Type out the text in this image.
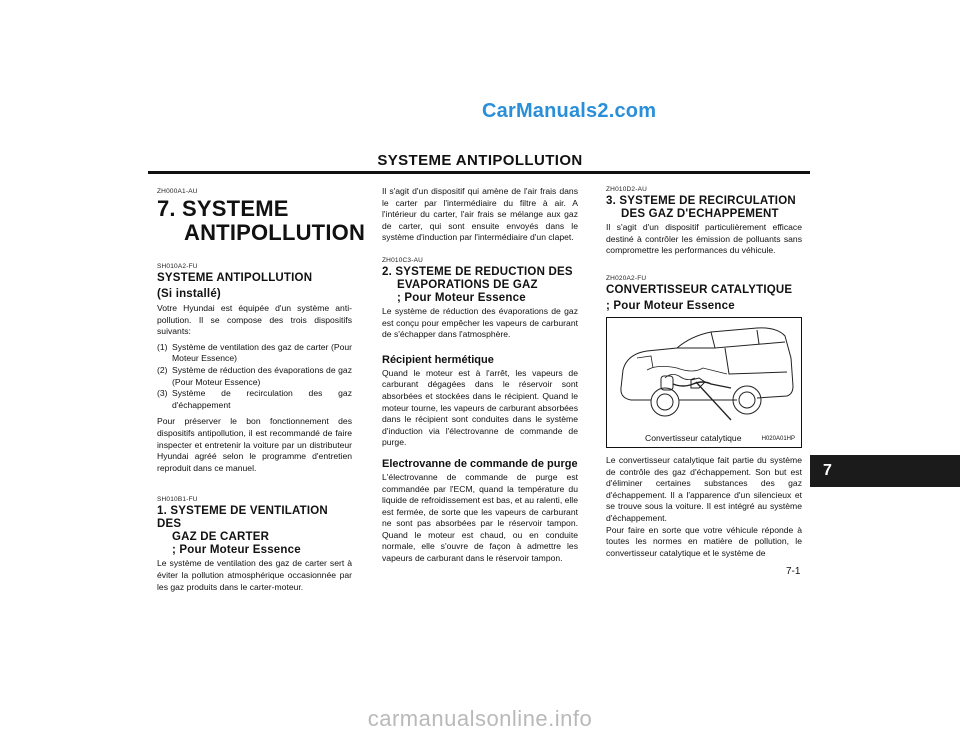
CarManuals2.com
SYSTEME ANTIPOLLUTION
ZH000A1-AU
7. SYSTEME
ANTIPOLLUTION
SH010A2-FU
SYSTEME ANTIPOLLUTION
(Si installé)
Votre Hyundai est équipée d'un système anti-pollution. Il se compose des trois dispositifs suivants:
(1) Système de ventilation des gaz de carter (Pour Moteur Essence)
(2) Système de réduction des évaporations de gaz (Pour Moteur Essence)
(3) Système de recirculation des gaz d'échappement
Pour préserver le bon fonctionnement des dispositifs antipollution, il est recommandé de faire inspecter et entretenir la voiture par un distributeur Hyundai agréé selon le programme d'entretien reproduit dans ce manuel.
SH010B1-FU
1. SYSTEME DE VENTILATION DES
GAZ DE CARTER
; Pour Moteur Essence
Le système de ventilation des gaz de carter sert à éviter la pollution atmosphérique occasionnée par les gaz produits dans le carter-moteur.
Il s'agit d'un dispositif qui amène de l'air frais dans le carter par l'intermédiaire du filtre à air. A l'intérieur du carter, l'air frais se mélange aux gaz de carter, qui sont ensuite envoyés dans le système d'induction par l'intermédiaire d'un clapet.
ZH010C3-AU
2. SYSTEME DE REDUCTION DES
EVAPORATIONS DE GAZ
; Pour Moteur Essence
Le système de réduction des évaporations de gaz est conçu pour empêcher les vapeurs de carburant de s'échapper dans l'atmosphère.
Récipient hermétique
Quand le moteur est à l'arrêt, les vapeurs de carburant dégagées dans le réservoir sont absorbées et stockées dans le récipient. Quand le moteur tourne, les vapeurs de carburant absorbées dans le récipient sont conduites dans le système d'induction via l'électrovanne de commande de purge.
Electrovanne de commande de purge
L'électrovanne de commande de purge est commandée par l'ECM, quand la température du liquide de refroidissement est bas, et au ralenti, elle est fermée, de sorte que les vapeurs de carburant ne sont pas absorbées par le réservoir tampon. Quand le moteur est chaud, ou en conduite normale, elle s'ouvre de façon à admettre les vapeurs de carburant dans le réservoir tampon.
ZH010D2-AU
3. SYSTEME DE RECIRCULATION
DES GAZ D'ECHAPPEMENT
Il s'agit d'un dispositif particulièrement efficace destiné à contrôler les émission de polluants sans compromettre les performances du véhicule.
ZH020A2-FU
CONVERTISSEUR CATALYTIQUE
; Pour Moteur Essence
Convertisseur catalytique	H020A01HP
Le convertisseur catalytique fait partie du système de contrôle des gaz d'échappement. Son but est d'éliminer certaines substances des gaz d'échappement. Il a l'apparence d'un silencieux et se trouve sous la voiture. Il est intégré au système d'échappement.
Pour faire en sorte que votre véhicule réponde à toutes les normes en matière de pollution, le convertisseur catalytique et le système de
7
7-1
carmanualsonline.info
